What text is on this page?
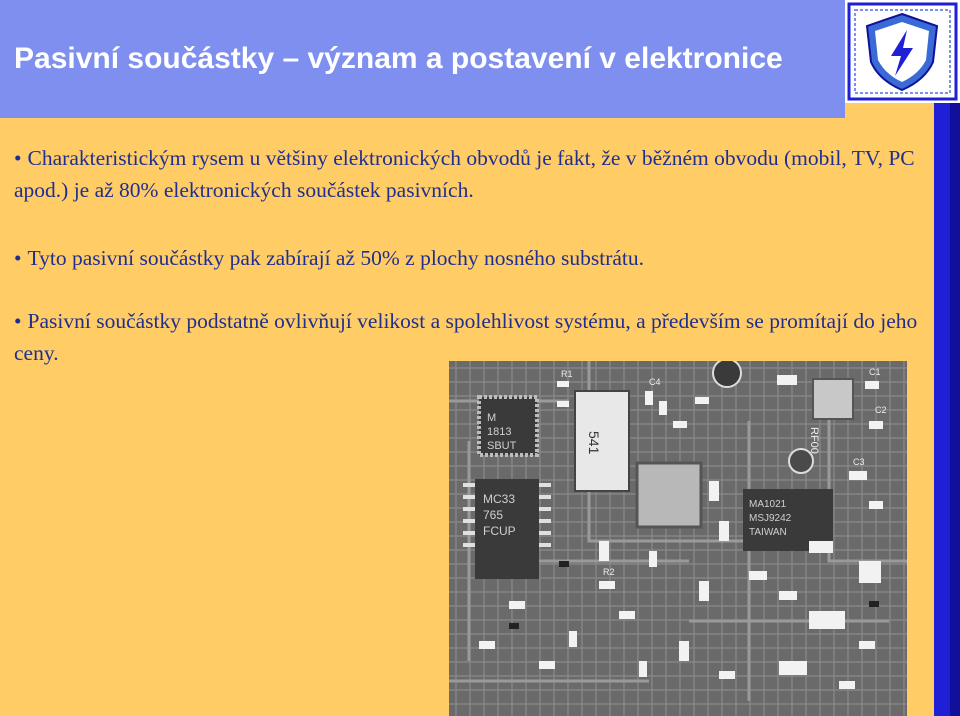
Pasivní součástky – význam a postavení v elektronice
• Charakteristickým rysem u většiny elektronických obvodů je fakt, že v běžném obvodu (mobil, TV, PC apod.) je až 80% elektronických součástek pasivních.
• Tyto pasivní součástky pak zabírají až 50% z plochy nosného substrátu.
• Pasivní součástky podstatně ovlivňují velikost a spolehlivost systému, a především se promítají do jeho ceny.
M
1813
SBUT
MC33
765
FCUP
541
MA1021
MSJ9242
TAIWAN
RF00
C1
C2
C3
C4
R1
R2
